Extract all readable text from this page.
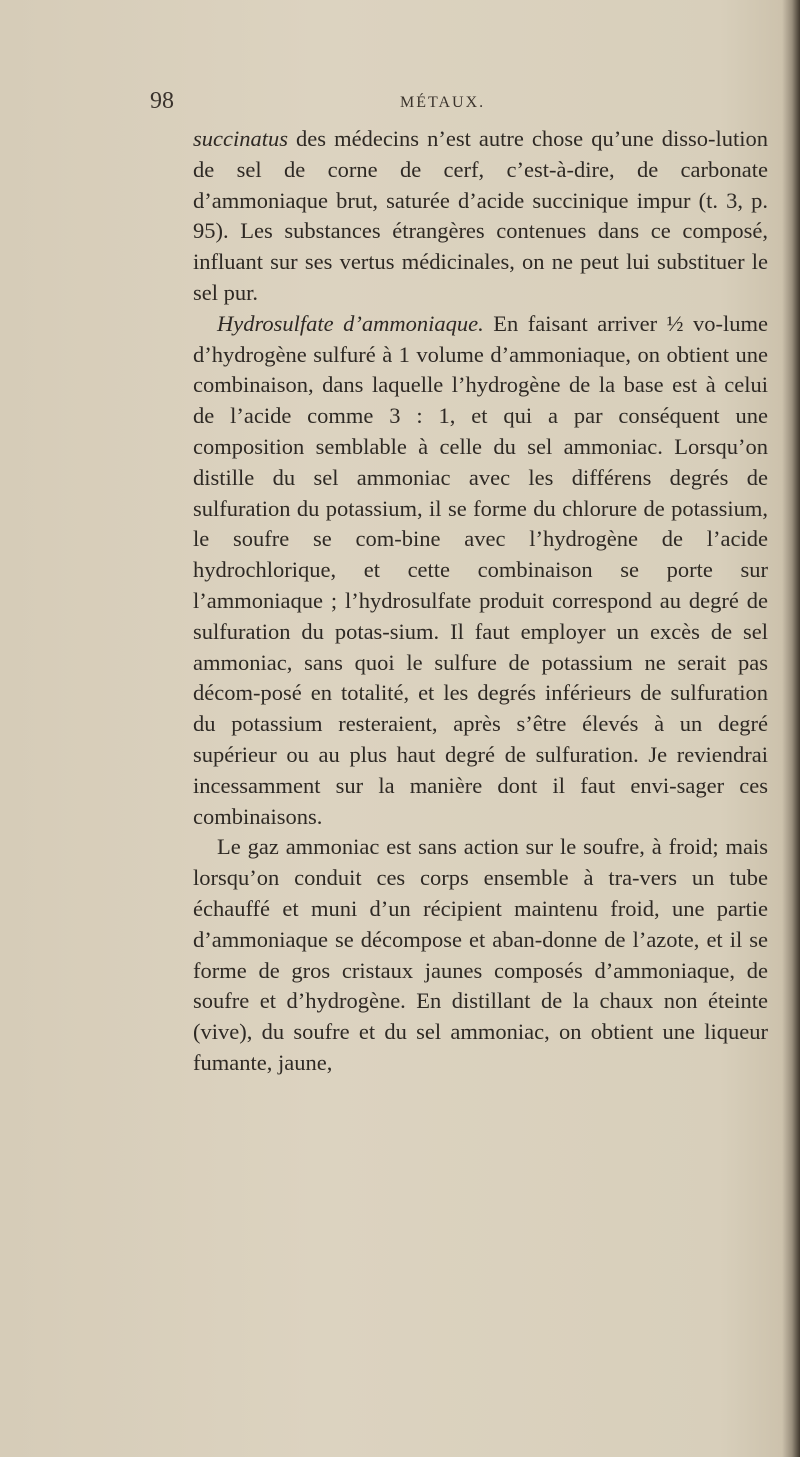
98	MÉTAUX.

succinatus des médecins n’est autre chose qu’une disso-lution de sel de corne de cerf, c’est-à-dire, de carbonate d’ammoniaque brut, saturée d’acide succinique impur (t. 3, p. 95). Les substances étrangères contenues dans ce composé, influant sur ses vertus médicinales, on ne peut lui substituer le sel pur.

Hydrosulfate d’ammoniaque. En faisant arriver ½ vo-lume d’hydrogène sulfuré à 1 volume d’ammoniaque, on obtient une combinaison, dans laquelle l’hydrogène de la base est à celui de l’acide comme 3 : 1, et qui a par conséquent une composition semblable à celle du sel ammoniac. Lorsqu’on distille du sel ammoniac avec les différens degrés de sulfuration du potassium, il se forme du chlorure de potassium, le soufre se com-bine avec l’hydrogène de l’acide hydrochlorique, et cette combinaison se porte sur l’ammoniaque ; l’hydrosulfate produit correspond au degré de sulfuration du potas-sium. Il faut employer un excès de sel ammoniac, sans quoi le sulfure de potassium ne serait pas décom-posé en totalité, et les degrés inférieurs de sulfuration du potassium resteraient, après s’être élevés à un degré supérieur ou au plus haut degré de sulfuration. Je reviendrai incessamment sur la manière dont il faut envi-sager ces combinaisons.

Le gaz ammoniac est sans action sur le soufre, à froid; mais lorsqu’on conduit ces corps ensemble à tra-vers un tube échauffé et muni d’un récipient maintenu froid, une partie d’ammoniaque se décompose et aban-donne de l’azote, et il se forme de gros cristaux jaunes composés d’ammoniaque, de soufre et d’hydrogène. En distillant de la chaux non éteinte (vive), du soufre et du sel ammoniac, on obtient une liqueur fumante, jaune,
